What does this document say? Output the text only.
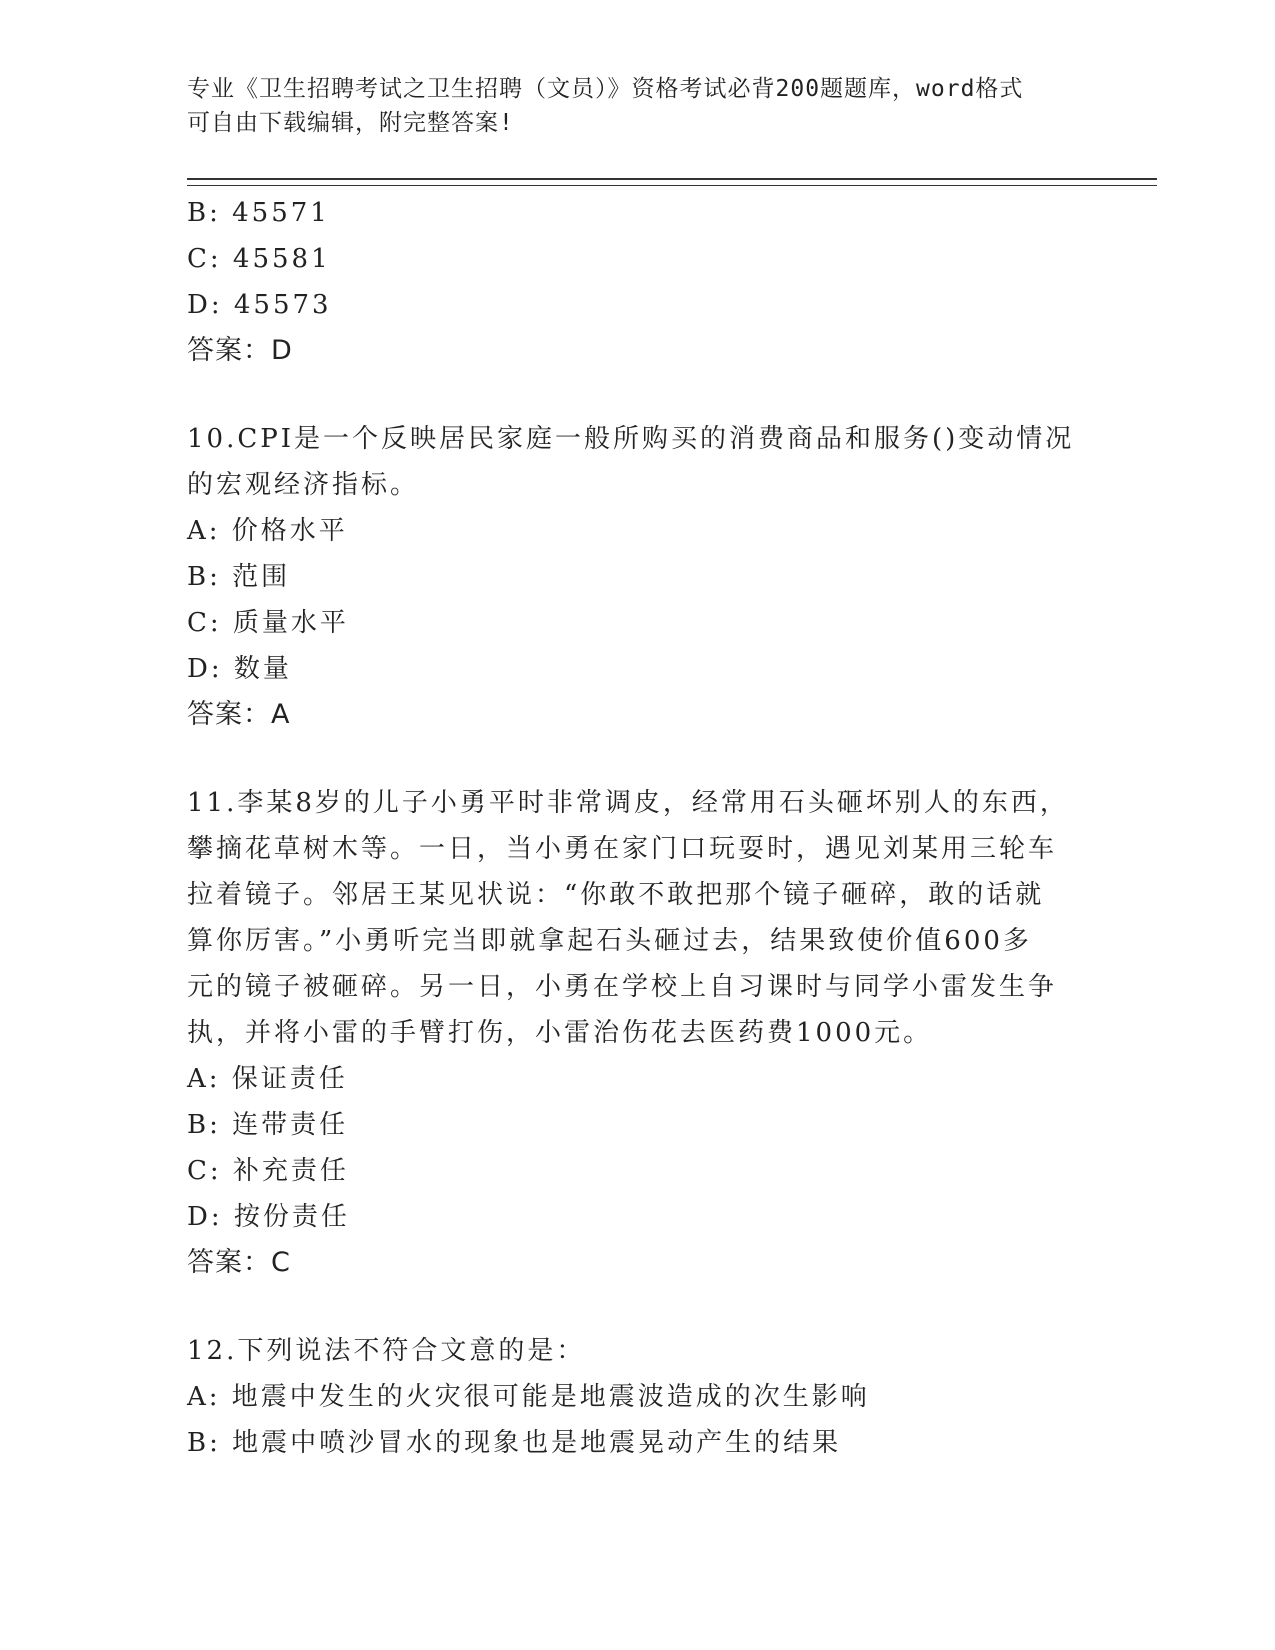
专业《卫生招聘考试之卫生招聘（文员）》资格考试必背200题题库，word格式
可自由下载编辑，附完整答案!
B: 45571
C: 45581
D: 45573
答案：D
10.CPI是一个反映居民家庭一般所购买的消费商品和服务()变动情况
的宏观经济指标。
A: 价格水平
B: 范围
C: 质量水平
D: 数量
答案：A
11.李某8岁的儿子小勇平时非常调皮，经常用石头砸坏别人的东西，
攀摘花草树木等。一日，当小勇在家门口玩耍时，遇见刘某用三轮车
拉着镜子。邻居王某见状说：“你敢不敢把那个镜子砸碎，敢的话就
算你厉害。”小勇听完当即就拿起石头砸过去，结果致使价值600多
元的镜子被砸碎。另一日，小勇在学校上自习课时与同学小雷发生争
执，并将小雷的手臂打伤，小雷治伤花去医药费1000元。
A: 保证责任
B: 连带责任
C: 补充责任
D: 按份责任
答案：C
12.下列说法不符合文意的是：
A: 地震中发生的火灾很可能是地震波造成的次生影响
B: 地震中喷沙冒水的现象也是地震晃动产生的结果
